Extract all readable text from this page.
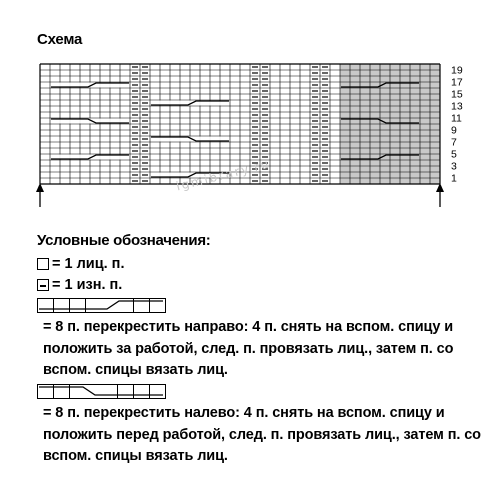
Схема
19
17
15
13
11
9
7
5
3
1
igmibrary.ru
Условные обозначения:
= 1 лиц. п.
= 1 изн. п.
= 8 п. перекрестить направо: 4 п. снять на вспом. спицу и положить за работой, след. п. провязать лиц., затем п. со вспом. спицы вязать лиц.
= 8 п. перекрестить налево: 4 п. снять на вспом. спицу и положить перед работой, след. п. провязать лиц., затем п. со вспом. спицы вязать лиц.
